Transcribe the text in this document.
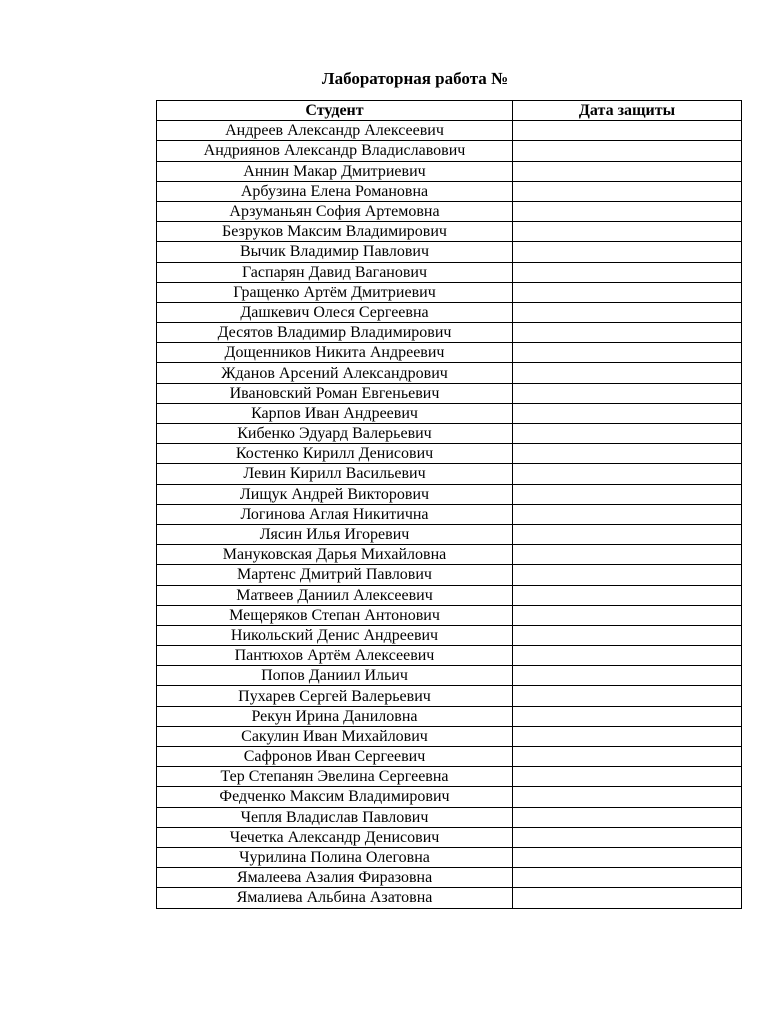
Лабораторная работа №
Студент	Дата защиты
Андреев Александр Алексеевич	
Андриянов Александр Владиславович	
Аннин Макар Дмитриевич	
Арбузина Елена Романовна	
Арзуманьян София Артемовна	
Безруков Максим Владимирович	
Вычик Владимир Павлович	
Гаспарян Давид Ваганович	
Гращенко Артём Дмитриевич	
Дашкевич Олеся Сергеевна	
Десятов Владимир Владимирович	
Дощенников Никита Андреевич	
Жданов Арсений Александрович	
Ивановский Роман Евгеньевич	
Карпов Иван Андреевич	
Кибенко Эдуард Валерьевич	
Костенко Кирилл Денисович	
Левин Кирилл Васильевич	
Лищук Андрей Викторович	
Логинова Аглая Никитична	
Лясин Илья Игоревич	
Мануковская Дарья Михайловна	
Мартенс Дмитрий Павлович	
Матвеев Даниил Алексеевич	
Мещеряков Степан Антонович	
Никольский Денис Андреевич	
Пантюхов Артём Алексеевич	
Попов Даниил Ильич	
Пухарев Сергей Валерьевич	
Рекун Ирина Даниловна	
Сакулин Иван Михайлович	
Сафронов Иван Сергеевич	
Тер Степанян Эвелина Сергеевна	
Федченко Максим Владимирович	
Чепля Владислав Павлович	
Чечетка Александр Денисович	
Чурилина Полина Олеговна	
Ямалеева Азалия Фиразовна	
Ямалиева Альбина Азатовна	
